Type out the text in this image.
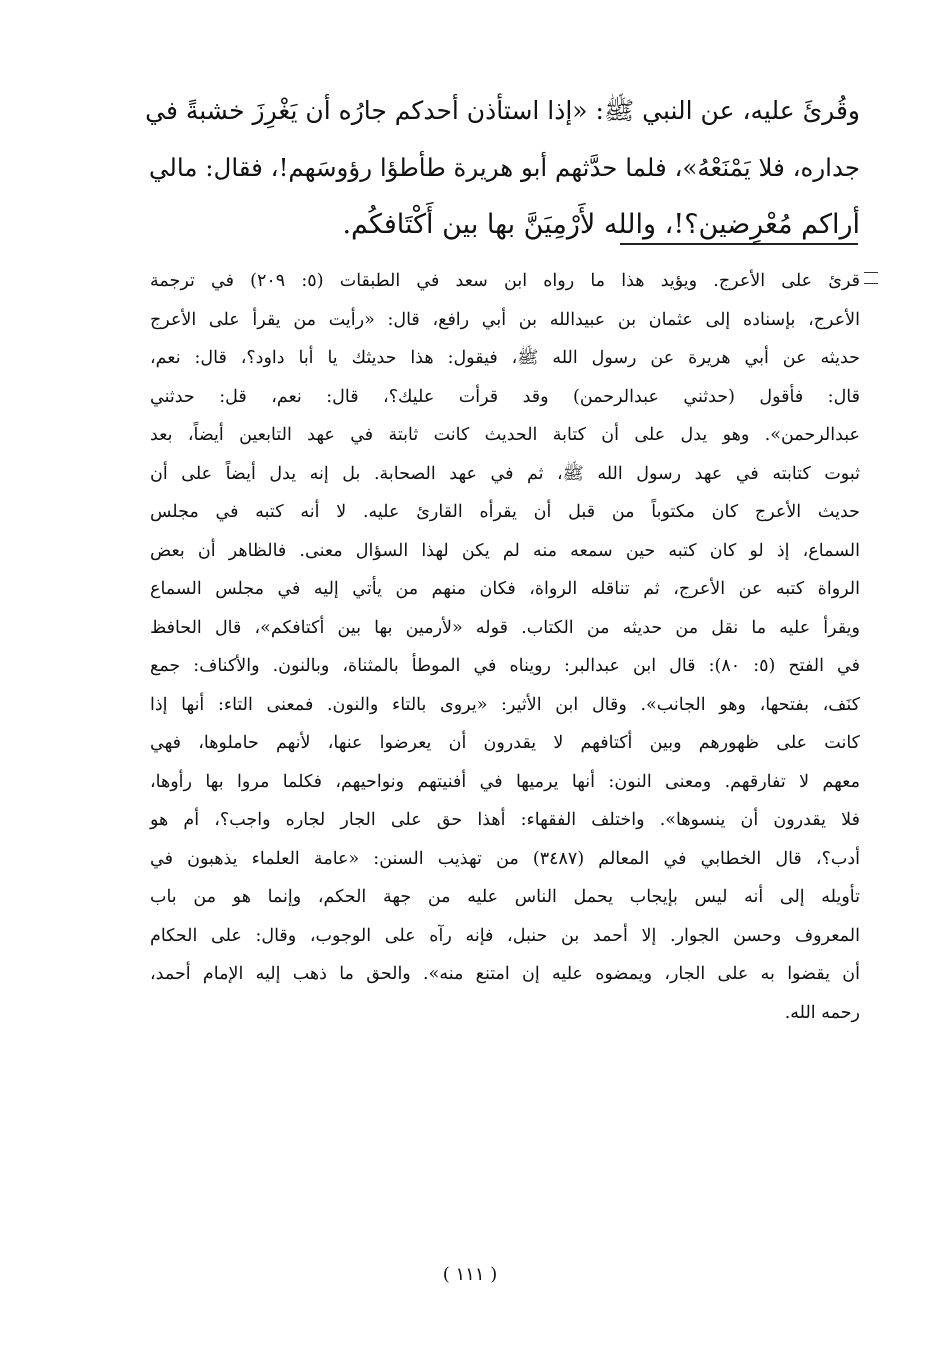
وقُرئَ عليه، عن النبي ﷺ: «إذا استأذن أحدكم جارُه أن يَغْرِزَ خشبةً في
جداره، فلا يَمْنَعْهُ»، فلما حدَّثهم أبو هريرة طأطؤا رؤوسَهم!، فقال: مالي
أراكم مُعْرِضين؟!، والله لأَرْمِيَنَّ بها بين أَكْتَافكُم.
قرئ على الأعرج. ويؤيد هذا ما رواه ابن سعد في الطبقات (٥: ٢٠٩) في ترجمة
الأعرج، بإسناده إلى عثمان بن عبيدالله بن أبي رافع، قال: «رأيت من يقرأ على الأعرج
حديثه عن أبي هريرة عن رسول الله ﷺ، فيقول: هذا حديثك يا أبا داود؟، قال: نعم،
قال: فأقول (حدثني عبدالرحمن) وقد قرأت عليك؟، قال: نعم، قل: حدثني
عبدالرحمن». وهو يدل على أن كتابة الحديث كانت ثابتة في عهد التابعين أيضاً، بعد
ثبوت كتابته في عهد رسول الله ﷺ، ثم في عهد الصحابة. بل إنه يدل أيضاً على أن
حديث الأعرج كان مكتوباً من قبل أن يقرأه القارئ عليه. لا أنه كتبه في مجلس
السماع، إذ لو كان كتبه حين سمعه منه لم يكن لهذا السؤال معنى. فالظاهر أن بعض
الرواة كتبه عن الأعرج، ثم تناقله الرواة، فكان منهم من يأتي إليه في مجلس السماع
ويقرأ عليه ما نقل من حديثه من الكتاب. قوله «لأرمين بها بين أكتافكم»، قال الحافظ
في الفتح (٥: ٨٠): قال ابن عبدالبر: رويناه في الموطأ بالمثناة، وبالنون. والأكناف: جمع
كنَف، بفتحها، وهو الجانب». وقال ابن الأثير: «يروى بالتاء والنون. فمعنى التاء: أنها إذا
كانت على ظهورهم وبين أكتافهم لا يقدرون أن يعرضوا عنها، لأنهم حاملوها، فهي
معهم لا تفارقهم. ومعنى النون: أنها يرميها في أفنيتهم ونواحيهم، فكلما مروا بها رأوها،
فلا يقدرون أن ينسوها». واختلف الفقهاء: أهذا حق على الجار لجاره واجب؟، أم هو
أدب؟، قال الخطابي في المعالم (٣٤٨٧) من تهذيب السنن: «عامة العلماء يذهبون في
تأويله إلى أنه ليس بإيجاب يحمل الناس عليه من جهة الحكم، وإنما هو من باب
المعروف وحسن الجوار. إلا أحمد بن حنبل، فإنه رآه على الوجوب، وقال: على الحكام
أن يقضوا به على الجار، ويمضوه عليه إن امتنع منه». والحق ما ذهب إليه الإمام أحمد،
رحمه الله.
( ١١١ )
